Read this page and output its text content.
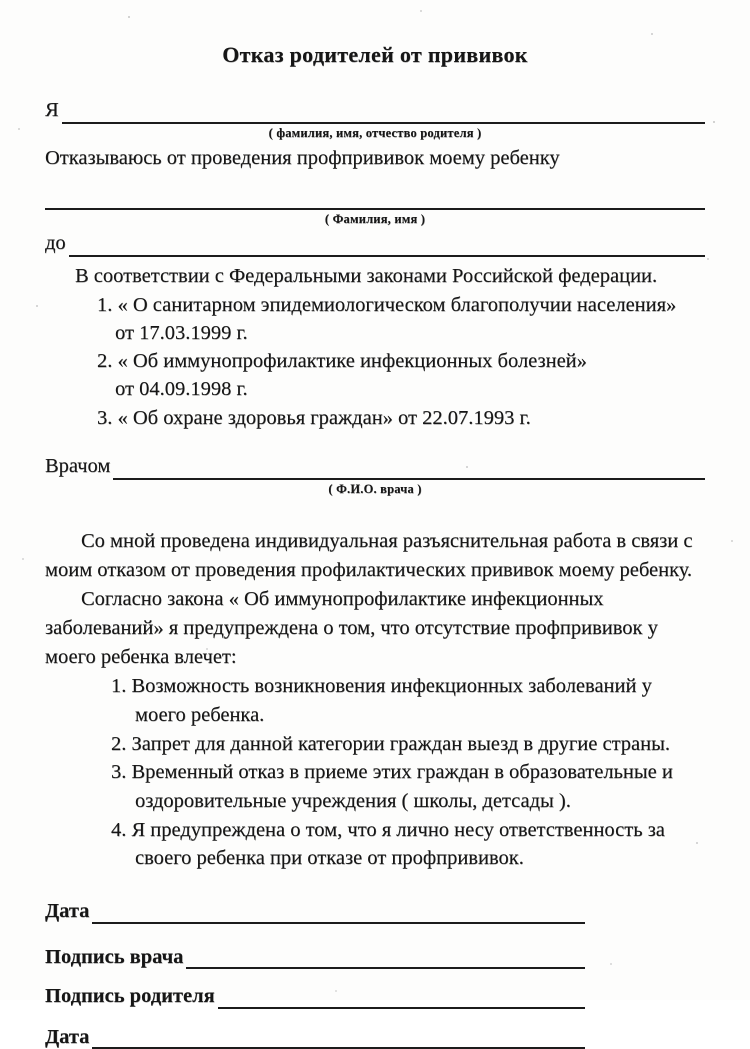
Отказ родителей от прививок
Я
( фамилия, имя, отчество родителя )

Отказываюсь от проведения профпрививок моему ребенку

( Фамилия, имя )
до

В соответствии с Федеральными законами Российской федерации.

1. « О санитарном эпидемиологическом благополучии населения»
от 17.03.1999 г.
2. « Об иммунопрофилактике инфекционных болезней»
от 04.09.1998 г.
3. « Об охране здоровья граждан» от 22.07.1993 г.
Врачом
( Ф.И.О. врача )

Со мной проведена индивидуальная разъяснительная работа в связи с моим отказом от проведения профилактических прививок моему ребенку.

Согласно закона « Об иммунопрофилактике инфекционных заболеваний» я предупреждена о том, что отсутствие профпрививок у моего ребенка влечет:

1. Возможность возникновения инфекционных заболеваний у моего ребенка.
2. Запрет для данной категории граждан выезд в другие страны.
3. Временный отказ в приеме этих граждан в образовательные и оздоровительные учреждения ( школы, детсады ).
4. Я предупреждена о том, что я лично несу ответственность за своего ребенка при отказе от профпрививок.
Дата
Подпись врача
Подпись родителя
Дата
